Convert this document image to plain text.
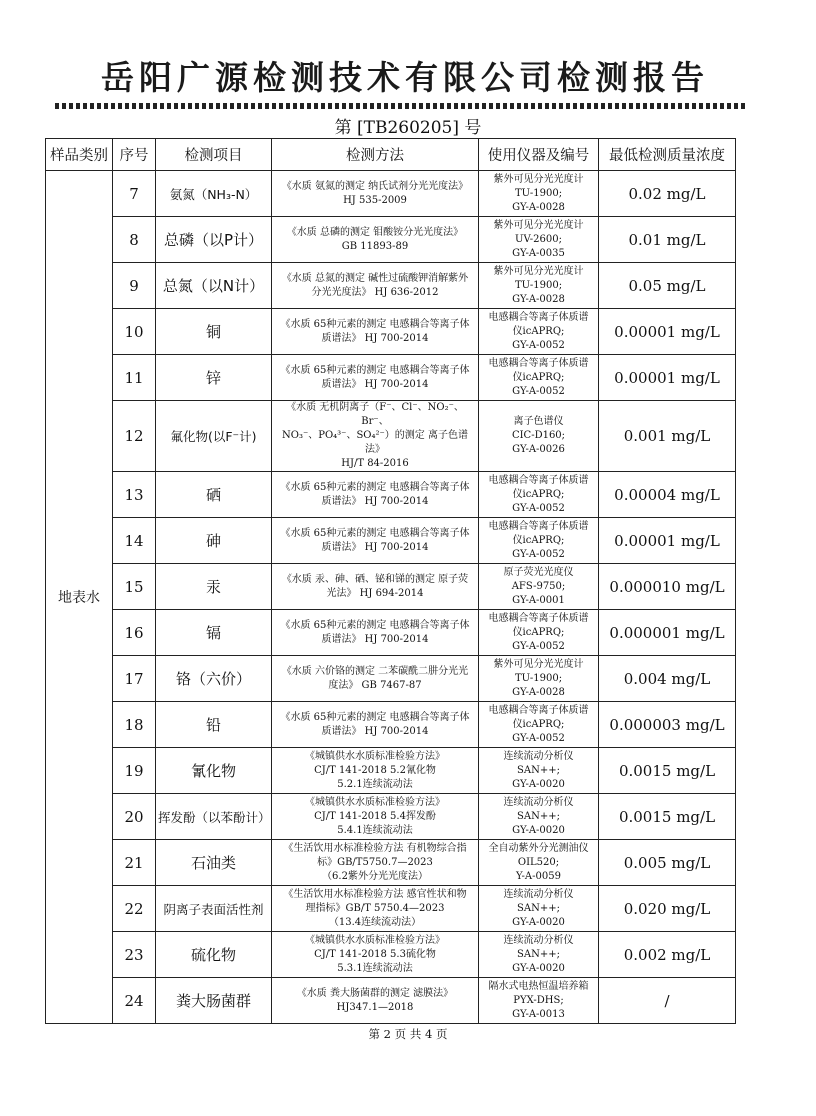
岳阳广源检测技术有限公司检测报告
第 [TB260205] 号
样品类别	序号	检测项目	检测方法	使用仪器及编号	最低检测质量浓度
地表水	7	氨氮（NH₃-N）	《水质 氨氮的测定 纳氏试剂分光光度法》
HJ 535-2009	紫外可见分光光度计
TU-1900;
GY-A-0028	0.02 mg/L
	8	总磷（以P计）	《水质 总磷的测定 钼酸铵分光光度法》
GB 11893-89	紫外可见分光光度计
UV-2600;
GY-A-0035	0.01 mg/L
	9	总氮（以N计）	《水质 总氮的测定 碱性过硫酸钾消解紫外
分光光度法》 HJ 636-2012	紫外可见分光光度计
TU-1900;
GY-A-0028	0.05 mg/L
	10	铜	《水质 65种元素的测定 电感耦合等离子体
质谱法》 HJ 700-2014	电感耦合等离子体质谱
仪icAPRQ;
GY-A-0052	0.00001 mg/L
	11	锌	《水质 65种元素的测定 电感耦合等离子体
质谱法》 HJ 700-2014	电感耦合等离子体质谱
仪icAPRQ;
GY-A-0052	0.00001 mg/L
	12	氟化物(以F⁻计)	《水质 无机阴离子（F⁻、Cl⁻、NO₂⁻、Br⁻、
NO₃⁻、PO₄³⁻、SO₄²⁻）的测定 离子色谱法》
HJ/T 84-2016	离子色谱仪
CIC-D160;
GY-A-0026	0.001 mg/L
	13	硒	《水质 65种元素的测定 电感耦合等离子体
质谱法》 HJ 700-2014	电感耦合等离子体质谱
仪icAPRQ;
GY-A-0052	0.00004 mg/L
	14	砷	《水质 65种元素的测定 电感耦合等离子体
质谱法》 HJ 700-2014	电感耦合等离子体质谱
仪icAPRQ;
GY-A-0052	0.00001 mg/L
	15	汞	《水质 汞、砷、硒、铋和锑的测定 原子荧
光法》 HJ 694-2014	原子荧光光度仪
AFS-9750;
GY-A-0001	0.000010 mg/L
	16	镉	《水质 65种元素的测定 电感耦合等离子体
质谱法》 HJ 700-2014	电感耦合等离子体质谱
仪icAPRQ;
GY-A-0052	0.000001 mg/L
	17	铬（六价）	《水质 六价铬的测定 二苯碳酰二肼分光光
度法》 GB 7467-87	紫外可见分光光度计
TU-1900;
GY-A-0028	0.004 mg/L
	18	铅	《水质 65种元素的测定 电感耦合等离子体
质谱法》 HJ 700-2014	电感耦合等离子体质谱
仪icAPRQ;
GY-A-0052	0.000003 mg/L
	19	氰化物	《城镇供水水质标准检验方法》
CJ/T 141-2018 5.2氰化物
5.2.1连续流动法	连续流动分析仪
SAN++;
GY-A-0020	0.0015 mg/L
	20	挥发酚（以苯酚计）	《城镇供水水质标准检验方法》
CJ/T 141-2018 5.4挥发酚
5.4.1连续流动法	连续流动分析仪
SAN++;
GY-A-0020	0.0015 mg/L
	21	石油类	《生活饮用水标准检验方法 有机物综合指
标》GB/T5750.7—2023
（6.2紫外分光光度法）	全自动紫外分光测油仪
OIL520;
Y-A-0059	0.005 mg/L
	22	阴离子表面活性剂	《生活饮用水标准检验方法 感官性状和物
理指标》GB/T 5750.4—2023
（13.4连续流动法）	连续流动分析仪
SAN++;
GY-A-0020	0.020 mg/L
	23	硫化物	《城镇供水水质标准检验方法》
CJ/T 141-2018 5.3硫化物
5.3.1连续流动法	连续流动分析仪
SAN++;
GY-A-0020	0.002 mg/L
	24	粪大肠菌群	《水质 粪大肠菌群的测定 滤膜法》
HJ347.1—2018	隔水式电热恒温培养箱
PYX-DHS;
GY-A-0013	/
第 2 页 共 4 页
